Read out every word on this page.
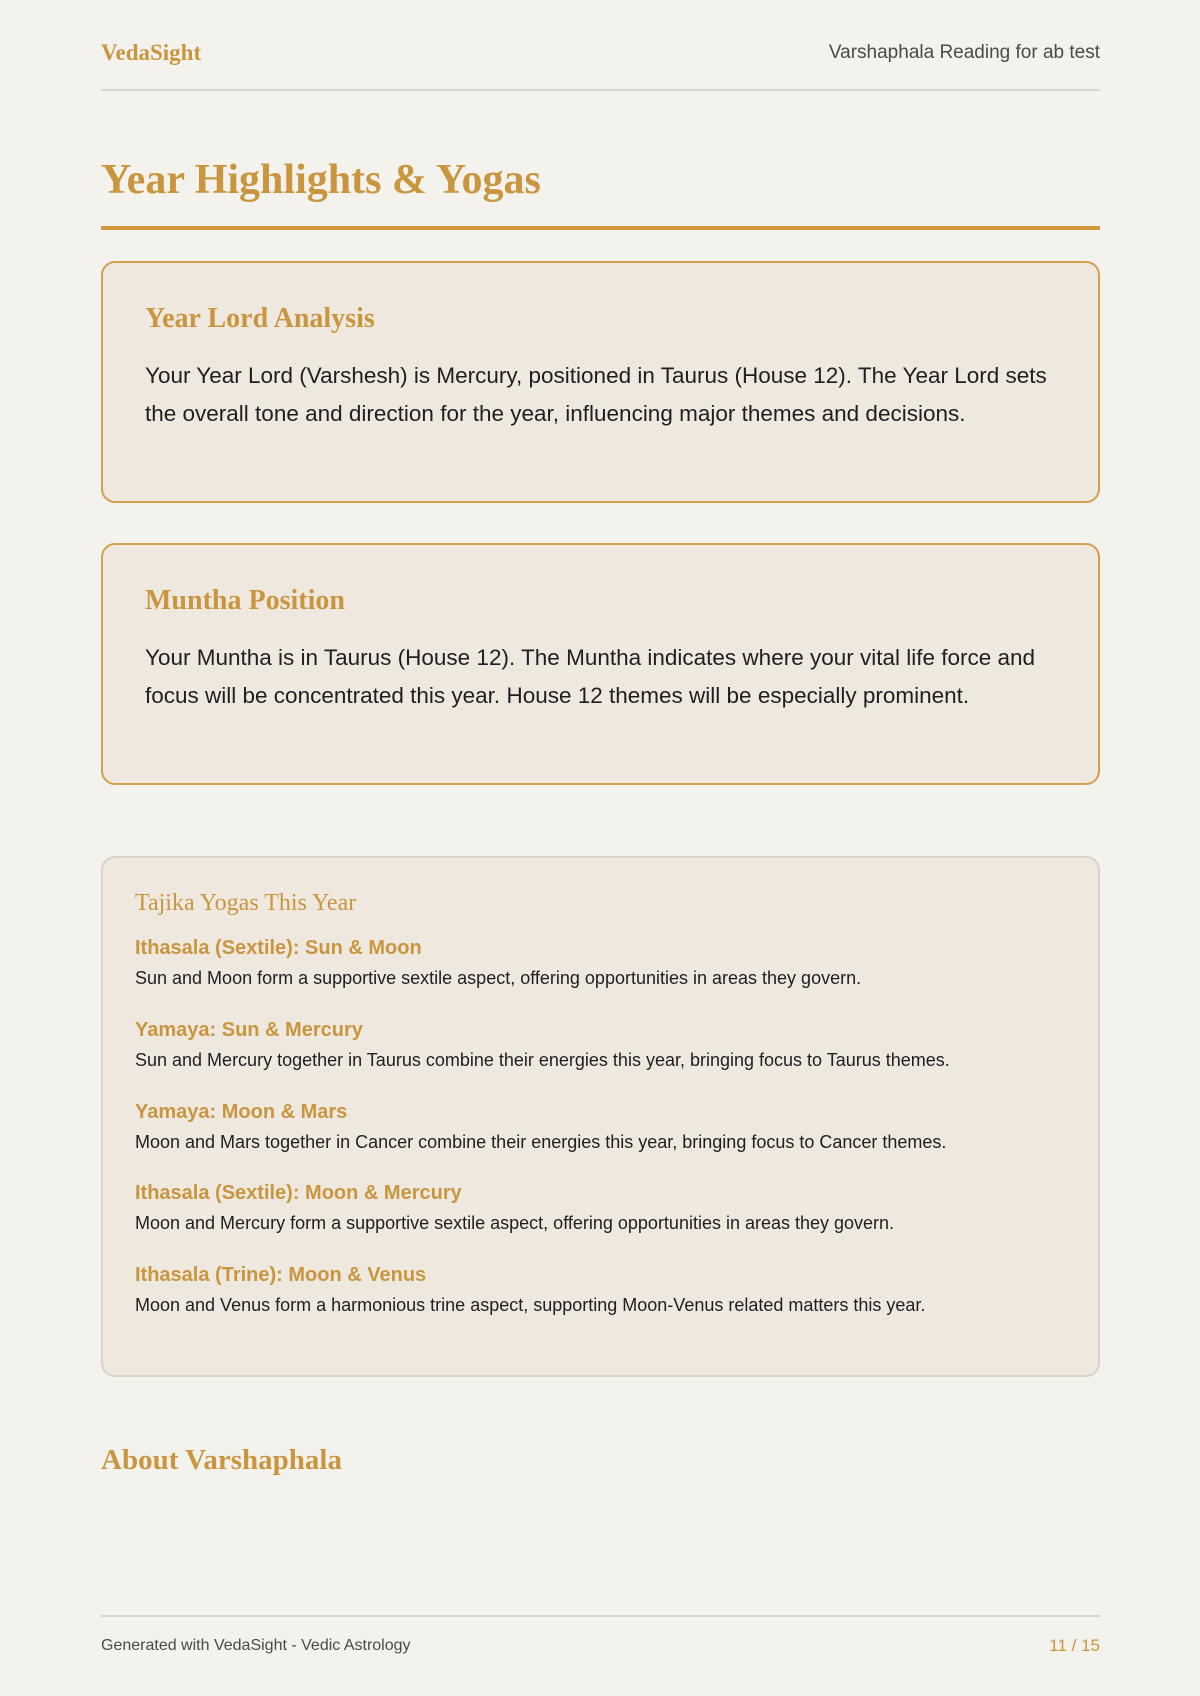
VedaSight	Varshaphala Reading for ab test
Year Highlights & Yogas
Year Lord Analysis

Your Year Lord (Varshesh) is Mercury, positioned in Taurus (House 12). The Year Lord sets the overall tone and direction for the year, influencing major themes and decisions.

Muntha Position

Your Muntha is in Taurus (House 12). The Muntha indicates where your vital life force and focus will be concentrated this year. House 12 themes will be especially prominent.

Tajika Yogas This Year
Ithasala (Sextile): Sun & Moon
Sun and Moon form a supportive sextile aspect, offering opportunities in areas they govern.
Yamaya: Sun & Mercury
Sun and Mercury together in Taurus combine their energies this year, bringing focus to Taurus themes.
Yamaya: Moon & Mars
Moon and Mars together in Cancer combine their energies this year, bringing focus to Cancer themes.
Ithasala (Sextile): Moon & Mercury
Moon and Mercury form a supportive sextile aspect, offering opportunities in areas they govern.
Ithasala (Trine): Moon & Venus
Moon and Venus form a harmonious trine aspect, supporting Moon-Venus related matters this year.
About Varshaphala
Generated with VedaSight - Vedic Astrology	11 / 15
